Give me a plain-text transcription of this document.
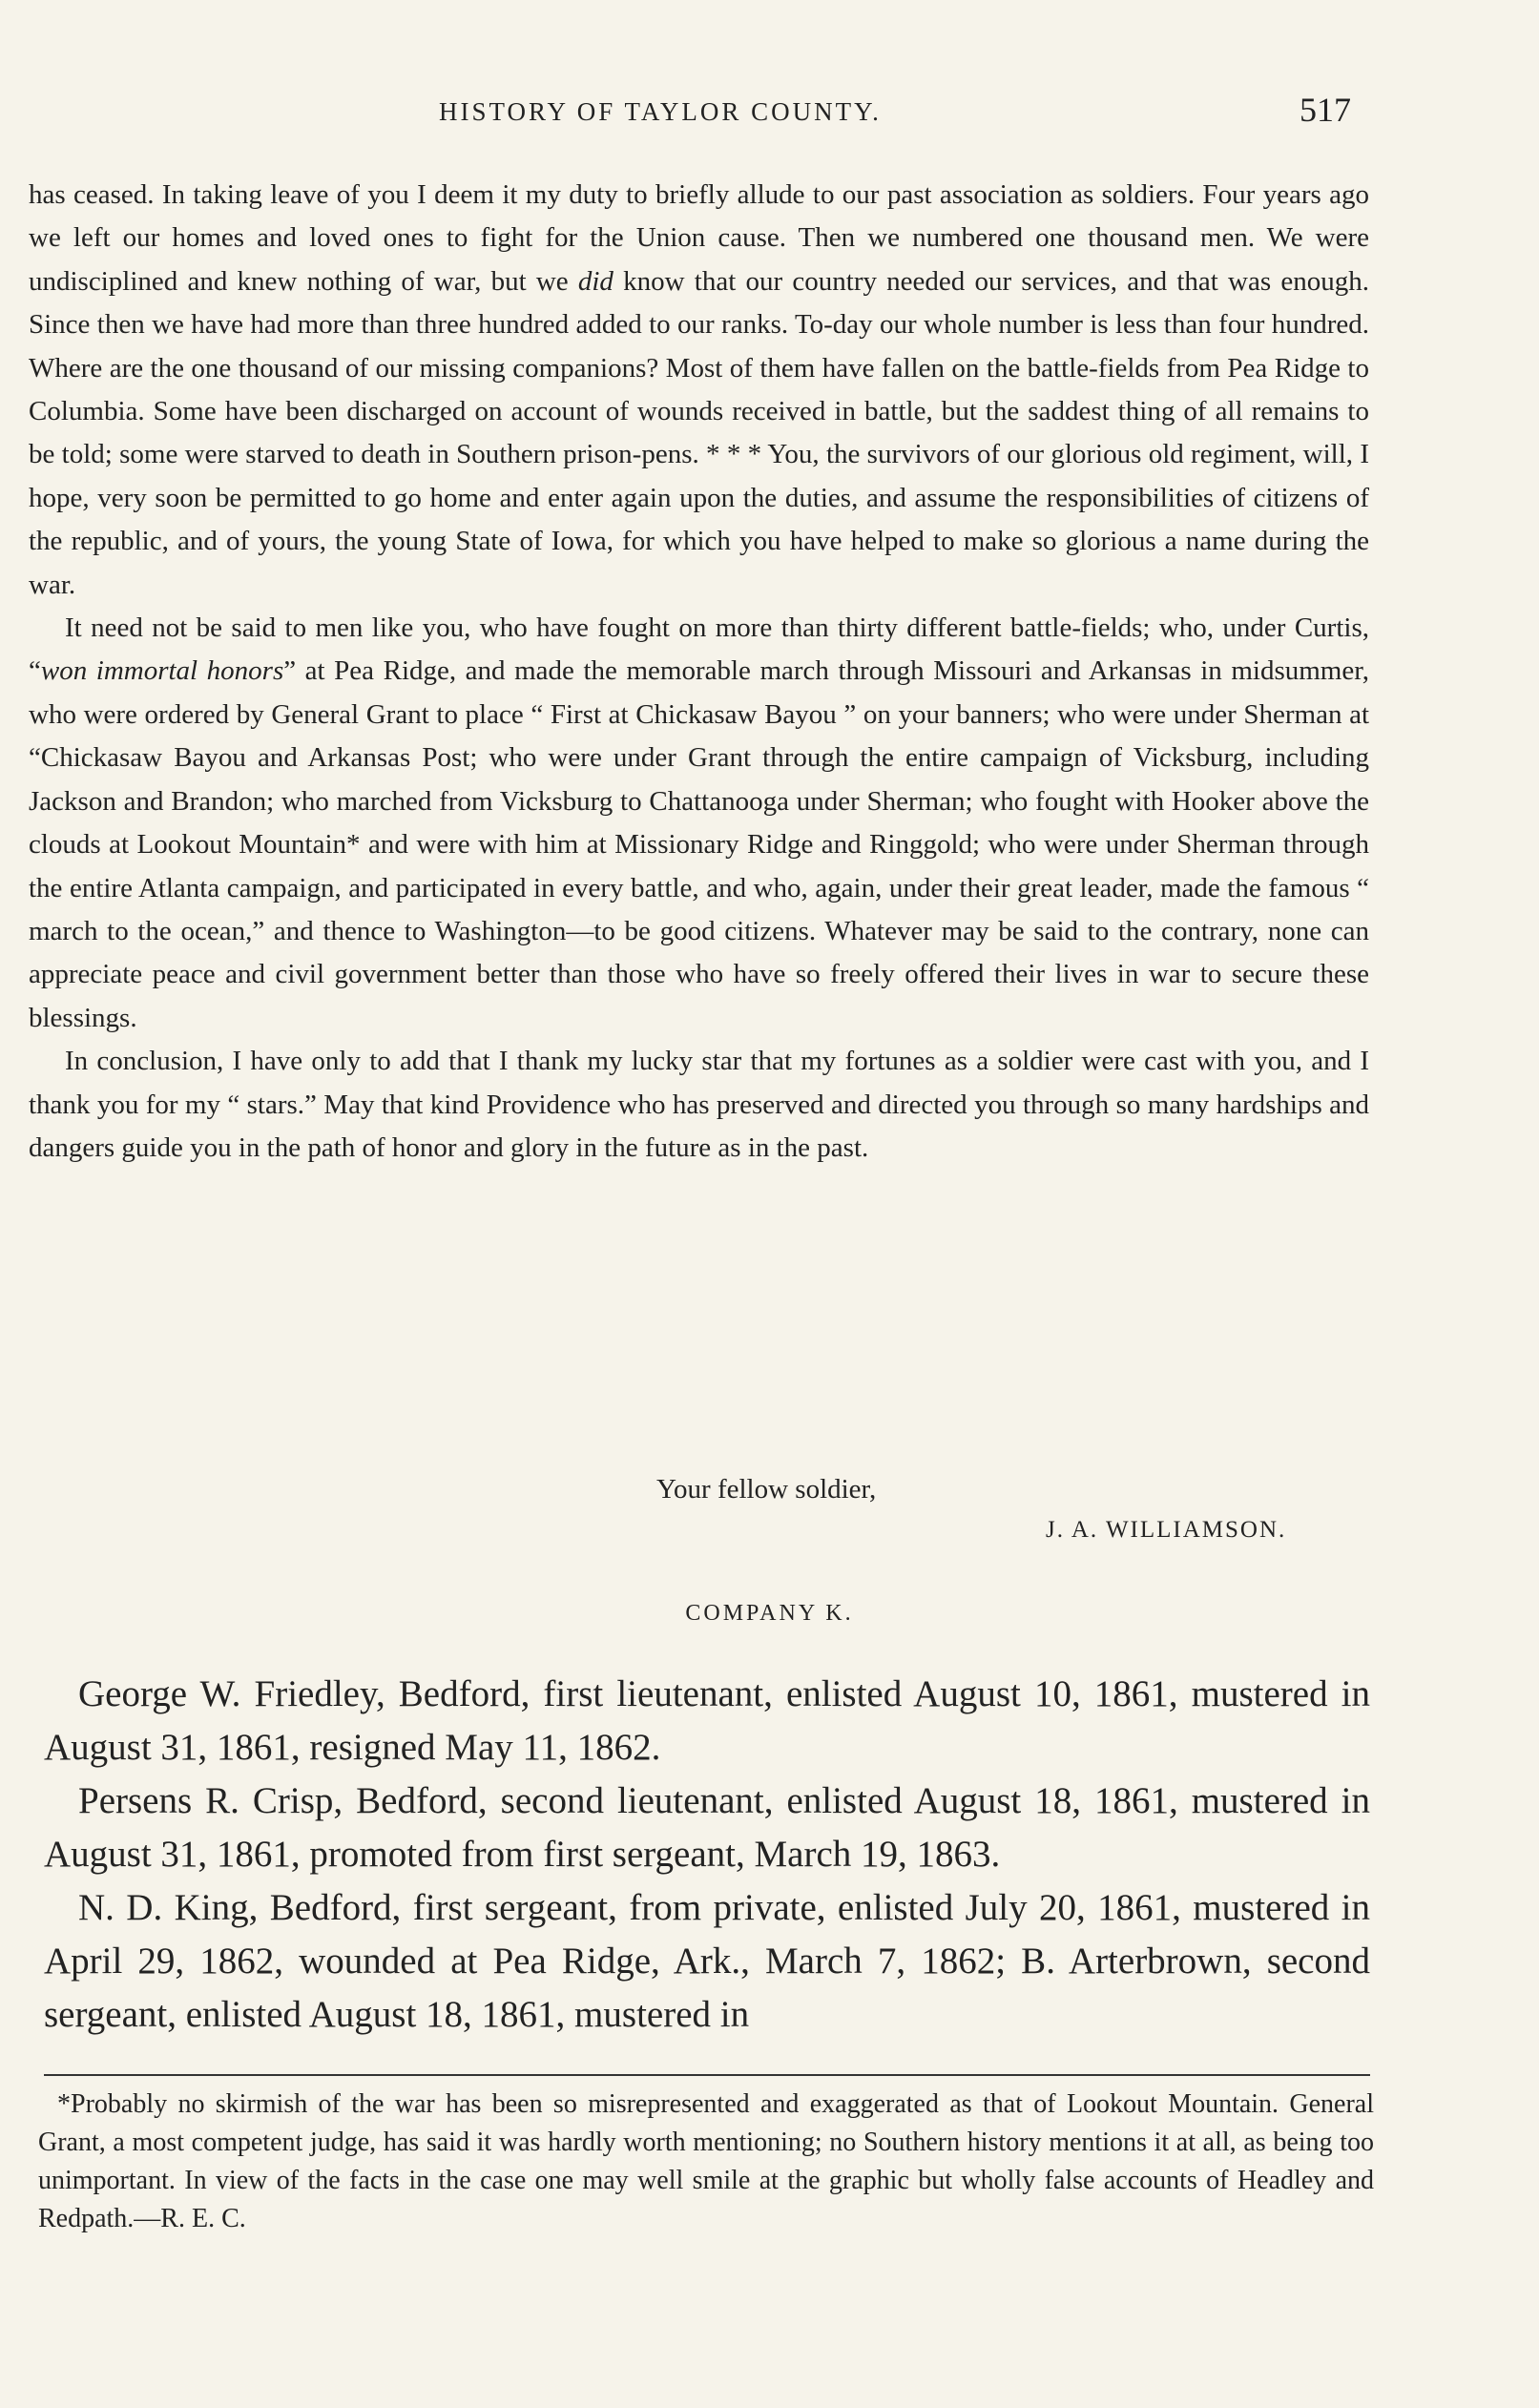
HISTORY OF TAYLOR COUNTY.	517

has ceased. In taking leave of you I deem it my duty to briefly allude to our past association as soldiers. Four years ago we left our homes and loved ones to fight for the Union cause. Then we numbered one thousand men. We were undisciplined and knew nothing of war, but we did know that our country needed our services, and that was enough. Since then we have had more than three hundred added to our ranks. To-day our whole number is less than four hundred. Where are the one thousand of our missing companions? Most of them have fallen on the battle-fields from Pea Ridge to Columbia. Some have been discharged on account of wounds received in battle, but the saddest thing of all remains to be told; some were starved to death in Southern prison-pens. * * * You, the survivors of our glorious old regiment, will, I hope, very soon be permitted to go home and enter again upon the duties, and assume the responsibilities of citizens of the republic, and of yours, the young State of Iowa, for which you have helped to make so glorious a name during the war.

It need not be said to men like you, who have fought on more than thirty different battle-fields; who, under Curtis, “won immortal honors” at Pea Ridge, and made the memorable march through Missouri and Arkansas in midsummer, who were ordered by General Grant to place “ First at Chickasaw Bayou ” on your banners; who were under Sherman at “Chickasaw Bayou and Arkansas Post; who were under Grant through the entire campaign of Vicksburg, including Jackson and Brandon; who marched from Vicksburg to Chattanooga under Sherman; who fought with Hooker above the clouds at Lookout Mountain* and were with him at Missionary Ridge and Ringgold; who were under Sherman through the entire Atlanta campaign, and participated in every battle, and who, again, under their great leader, made the famous “ march to the ocean,” and thence to Washington—to be good citizens. Whatever may be said to the contrary, none can appreciate peace and civil government better than those who have so freely offered their lives in war to secure these blessings.

In conclusion, I have only to add that I thank my lucky star that my fortunes as a soldier were cast with you, and I thank you for my “ stars.” May that kind Providence who has preserved and directed you through so many hardships and dangers guide you in the path of honor and glory in the future as in the past.

Your fellow soldier,
J. A. WILLIAMSON.
COMPANY K.

George W. Friedley, Bedford, first lieutenant, enlisted August 10, 1861, mustered in August 31, 1861, resigned May 11, 1862.

Persens R. Crisp, Bedford, second lieutenant, enlisted August 18, 1861, mustered in August 31, 1861, promoted from first sergeant, March 19, 1863.

N. D. King, Bedford, first sergeant, from private, enlisted July 20, 1861, mustered in April 29, 1862, wounded at Pea Ridge, Ark., March 7, 1862; B. Arterbrown, second sergeant, enlisted August 18, 1861, mustered in

*Probably no skirmish of the war has been so misrepresented and exaggerated as that of Lookout Mountain. General Grant, a most competent judge, has said it was hardly worth mentioning; no Southern history mentions it at all, as being too unimportant. In view of the facts in the case one may well smile at the graphic but wholly false accounts of Headley and Redpath.—R. E. C.
